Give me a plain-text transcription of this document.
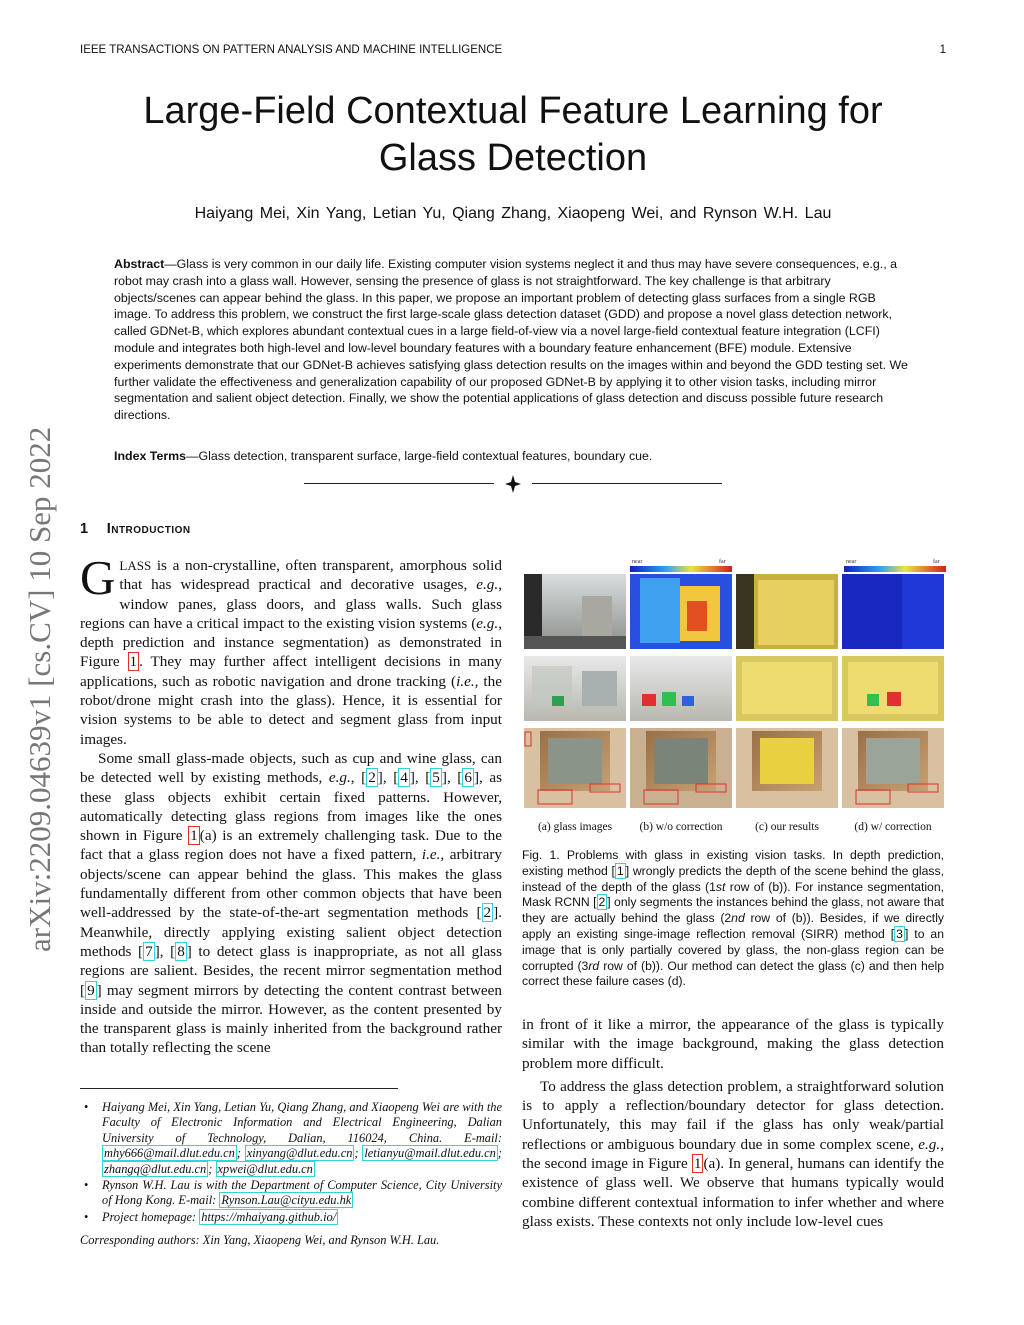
IEEE TRANSACTIONS ON PATTERN ANALYSIS AND MACHINE INTELLIGENCE	1
Large-Field Contextual Feature Learning for
Glass Detection
Haiyang Mei, Xin Yang, Letian Yu, Qiang Zhang, Xiaopeng Wei, and Rynson W.H. Lau
Abstract—Glass is very common in our daily life. Existing computer vision systems neglect it and thus may have severe consequences, e.g., a robot may crash into a glass wall. However, sensing the presence of glass is not straightforward. The key challenge is that arbitrary objects/scenes can appear behind the glass. In this paper, we propose an important problem of detecting glass surfaces from a single RGB image. To address this problem, we construct the first large-scale glass detection dataset (GDD) and propose a novel glass detection network, called GDNet-B, which explores abundant contextual cues in a large field-of-view via a novel large-field contextual feature integration (LCFI) module and integrates both high-level and low-level boundary features with a boundary feature enhancement (BFE) module. Extensive experiments demonstrate that our GDNet-B achieves satisfying glass detection results on the images within and beyond the GDD testing set. We further validate the effectiveness and generalization capability of our proposed GDNet-B by applying it to other vision tasks, including mirror segmentation and salient object detection. Finally, we show the potential applications of glass detection and discuss possible future research directions.
Index Terms—Glass detection, transparent surface, large-field contextual features, boundary cue.
1 Introduction

GLASS is a non-crystalline, often transparent, amorphous solid that has widespread practical and decorative usages, e.g., window panes, glass doors, and glass walls. Such glass regions can have a critical impact to the existing vision systems (e.g., depth prediction and instance segmentation) as demonstrated in Figure 1 . They may further affect intelligent decisions in many applications, such as robotic navigation and drone tracking (i.e., the robot/drone might crash into the glass). Hence, it is essential for vision systems to be able to detect and segment glass from input images.

Some small glass-made objects, such as cup and wine glass, can be detected well by existing methods, e.g., [ 2 ], [ 4 ], [ 5 ], [ 6 ], as these glass objects exhibit certain fixed patterns. However, automatically detecting glass regions from images like the ones shown in Figure 1 (a) is an extremely challenging task. Due to the fact that a glass region does not have a fixed pattern, i.e., arbitrary objects/scene can appear behind the glass. This makes the glass fundamentally different from other common objects that have been well-addressed by the state-of-the-art segmentation methods [ 2 ]. Meanwhile, directly applying existing salient object detection methods [ 7 ], [ 8 ] to detect glass is inappropriate, as not all glass regions are salient. Besides, the recent mirror segmentation method [ 9 ] may segment mirrors by detecting the content contrast between inside and outside the mirror. However, as the content presented by the transparent glass is mainly inherited from the background rather than totally reflecting the scene

near	far	near	far
(a) glass images	(b) w/o correction	(c) our results	(d) w/ correction
Fig. 1. Problems with glass in existing vision tasks. In depth prediction, existing method [ 1 ] wrongly predicts the depth of the scene behind the glass, instead of the depth of the glass (1st row of (b)). For instance segmentation, Mask RCNN [ 2 ] only segments the instances behind the glass, not aware that they are actually behind the glass (2nd row of (b)). Besides, if we directly apply an existing singe-image reflection removal (SIRR) method [ 3 ] to an image that is only partially covered by glass, the non-glass region can be corrupted (3rd row of (b)). Our method can detect the glass (c) and then help correct these failure cases (d).

in front of it like a mirror, the appearance of the glass is typically similar with the image background, making the glass detection problem more difficult.

To address the glass detection problem, a straightforward solution is to apply a reflection/boundary detector for glass detection. Unfortunately, this may fail if the glass has only weak/partial reflections or ambiguous boundary due in some complex scene, e.g., the second image in Figure 1 (a). In general, humans can identify the existence of glass well. We observe that humans typically would combine different contextual information to infer whether and where glass exists. These contexts not only include low-level cues

• Haiyang Mei, Xin Yang, Letian Yu, Qiang Zhang, and Xiaopeng Wei are with the Faculty of Electronic Information and Electrical Engineering, Dalian University of Technology, Dalian, 116024, China. E-mail: mhy666@mail.dlut.edu.cn ; xinyang@dlut.edu.cn ; letianyu@mail.dlut.edu.cn ; zhangq@dlut.edu.cn ; xpwei@dlut.edu.cn
• Rynson W.H. Lau is with the Department of Computer Science, City University of Hong Kong. E-mail: Rynson.Lau@cityu.edu.hk
• Project homepage: https://mhaiyang.github.io/
Corresponding authors: Xin Yang, Xiaopeng Wei, and Rynson W.H. Lau.
arXiv:2209.04639v1 [cs.CV] 10 Sep 2022
